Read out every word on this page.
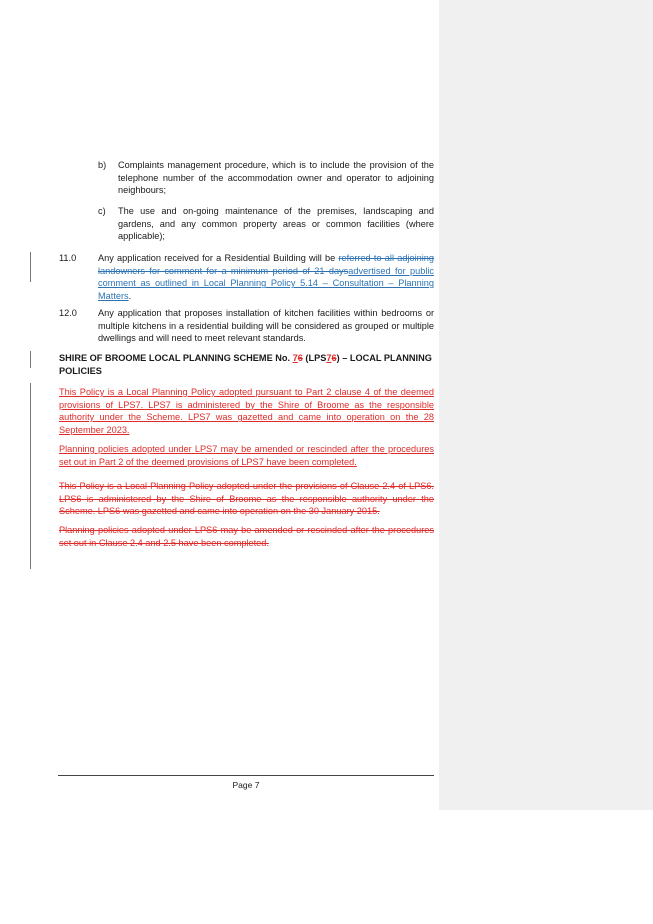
b) Complaints management procedure, which is to include the provision of the telephone number of the accommodation owner and operator to adjoining neighbours;
c) The use and on-going maintenance of the premises, landscaping and gardens, and any common property areas or common facilities (where applicable);
11.0 Any application received for a Residential Building will be referred to all adjoining landowners for comment for a minimum period of 21 daysadvertised for public comment as outlined in Local Planning Policy 5.14 – Consultation – Planning Matters.
12.0 Any application that proposes installation of kitchen facilities within bedrooms or multiple kitchens in a residential building will be considered as grouped or multiple dwellings and will need to meet relevant standards.
SHIRE OF BROOME LOCAL PLANNING SCHEME No. 76 (LPS76) – LOCAL PLANNING POLICIES
This Policy is a Local Planning Policy adopted pursuant to Part 2 clause 4 of the deemed provisions of LPS7. LPS7 is administered by the Shire of Broome as the responsible authority under the Scheme. LPS7 was gazetted and came into operation on the 28 September 2023.
Planning policies adopted under LPS7 may be amended or rescinded after the procedures set out in Part 2 of the deemed provisions of LPS7 have been completed.
This Policy is a Local Planning Policy adopted under the provisions of Clause 2.4 of LPS6. LPS6 is administered by the Shire of Broome as the responsible authority under the Scheme. LPS6 was gazetted and came into operation on the 30 January 2015.
Planning policies adopted under LPS6 may be amended or rescinded after the procedures set out in Clause 2.4 and 2.5 have been completed.
Page 7
